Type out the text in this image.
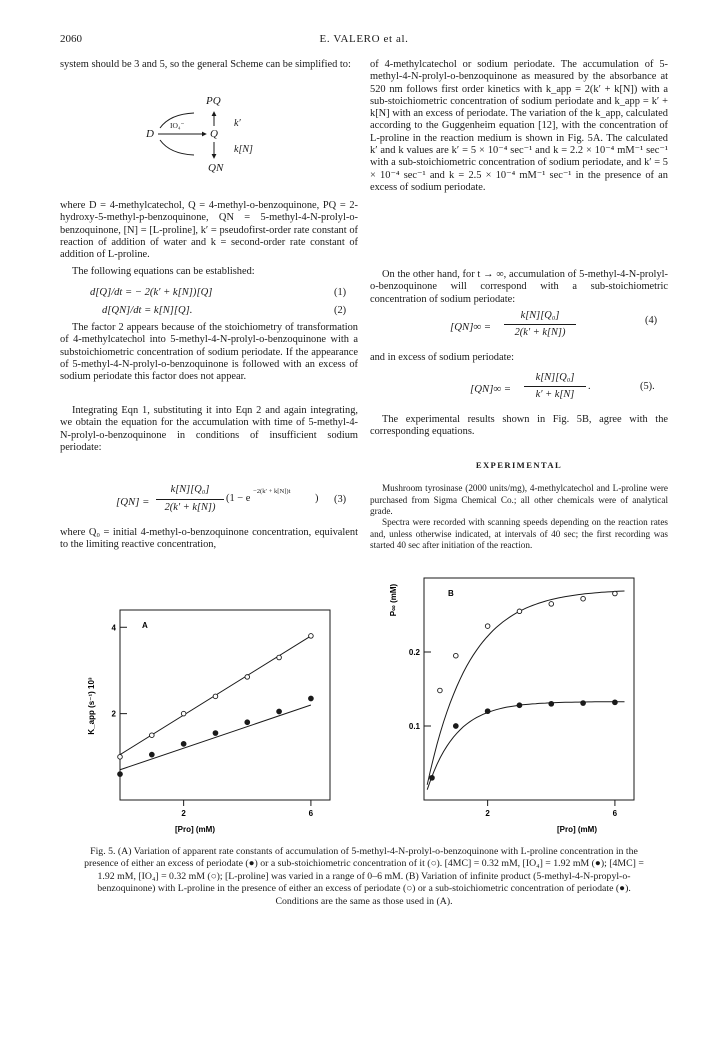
2060	E. VALERO et al.

system should be 3 and 5, so the general Scheme can be simplified to:

PQ
D	Q
QN
IO₄⁻	k′
k[N]

where D = 4-methylcatechol, Q = 4-methyl-o-benzoquinone, PQ = 2-hydroxy-5-methyl-p-benzoquinone, QN = 5-methyl-4-N-prolyl-o-benzoquinone, [N] = [L-proline], k′ = pseudofirst-order rate constant of reaction of addition of water and k = second-order rate constant of addition of L-proline.

The following equations can be established:

d[Q]/dt = − 2(k′ + k[N])[Q]	(1)
d[QN]/dt = k[N][Q].	(2)

The factor 2 appears because of the stoichiometry of transformation of 4-methylcatechol into 5-methyl-4-N-prolyl-o-benzoquinone with a substoichiometric concentration of sodium periodate. If the appearance of 5-methyl-4-N-prolyl-o-benzoquinone is followed with an excess of sodium periodate this factor does not appear.

Integrating Eqn 1, substituting it into Eqn 2 and again integrating, we obtain the equation for the accumulation with time of 5-methyl-4-N-prolyl-o-benzoquinone in conditions of insufficient sodium periodate:

[QN] =
k[N][Q₀]
2(k′ + k[N])
(1 − e
−2(k′ + k[N])t
) (3)

where Q₀ = initial 4-methyl-o-benzoquinone concentration, equivalent to the limiting reactive concentration,

of 4-methylcatechol or sodium periodate. The accumulation of 5-methyl-4-N-prolyl-o-benzoquinone as measured by the absorbance at 520 nm follows first order kinetics with k_app = 2(k′ + k[N]) with a sub-stoichiometric concentration of sodium periodate and k_app = k′ + k[N] with an excess of periodate. The variation of the k_app, calculated according to the Guggenheim equation [12], with the concentration of L-proline in the reaction medium is shown in Fig. 5A. The calculated k′ and k values are k′ = 5 × 10⁻⁴ sec⁻¹ and k = 2.2 × 10⁻⁴ mM⁻¹ sec⁻¹ with a sub-stoichiometric concentration of sodium periodate, and k′ = 5 × 10⁻⁴ sec⁻¹ and k = 2.5 × 10⁻⁴ mM⁻¹ sec⁻¹ in the presence of an excess of sodium periodate.

On the other hand, for t → ∞, accumulation of 5-methyl-4-N-prolyl-o-benzoquinone will correspond with a sub-stoichiometric concentration of sodium periodate:

[QN]∞ =
k[N][Q₀]
2(k′ + k[N])
(4)

and in excess of sodium periodate:

[QN]∞ =
k[N][Q₀]
k′ + k[N]
.	(5).

The experimental results shown in Fig. 5B, agree with the corresponding equations.

EXPERIMENTAL

Mushroom tyrosinase (2000 units/mg), 4-methylcatechol and L-proline were purchased from Sigma Chemical Co.; all other chemicals were of analytical grade.

Spectra were recorded with scanning speeds depending on the reaction rates and, unless otherwise indicated, at intervals of 40 sec; the first recording was started 40 sec after initiation of the reaction.

A
4
2
2	6
K_app (s⁻¹) 10³
[Pro] (mM)
B
0.2
0.1
2	6
P∞ (mM)
[Pro] (mM)
Fig. 5. (A) Variation of apparent rate constants of accumulation of 5-methyl-4-N-prolyl-o-benzoquinone with L-proline concentration in the presence of either an excess of periodate (●) or a sub-stoichiometric concentration of it (○). [4MC] = 0.32 mM, [IO₄] = 1.92 mM (●); [4MC] = 1.92 mM, [IO₄] = 0.32 mM (○); [L-proline] was varied in a range of 0–6 mM. (B) Variation of infinite product (5-methyl-4-N-propyl-o-benzoquinone) with L-proline in the presence of either an excess of periodate (○) or a sub-stoichiometric concentration of periodate (●). Conditions are the same as those used in (A).
